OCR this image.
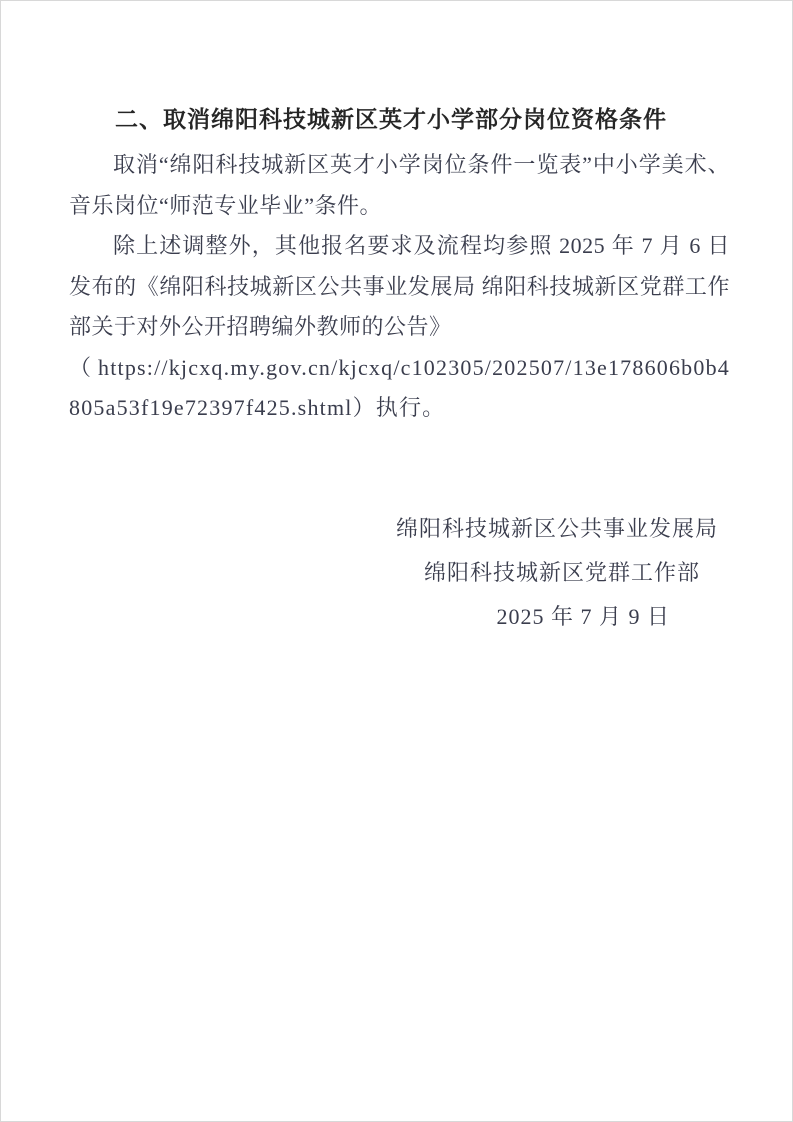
二、取消绵阳科技城新区英才小学部分岗位资格条件

取消“绵阳科技城新区英才小学岗位条件一览表”中小学美术、音乐岗位“师范专业毕业”条件。

除上述调整外，其他报名要求及流程均参照 2025 年 7 月 6 日发布的《绵阳科技城新区公共事业发展局 绵阳科技城新区党群工作部关于对外公开招聘编外教师的公告》

（https://kjcxq.my.gov.cn/kjcxq/c102305/202507/13e178606b0b4805a53f19e72397f425.shtml）执行。

绵阳科技城新区公共事业发展局
绵阳科技城新区党群工作部
2025 年 7 月 9 日
